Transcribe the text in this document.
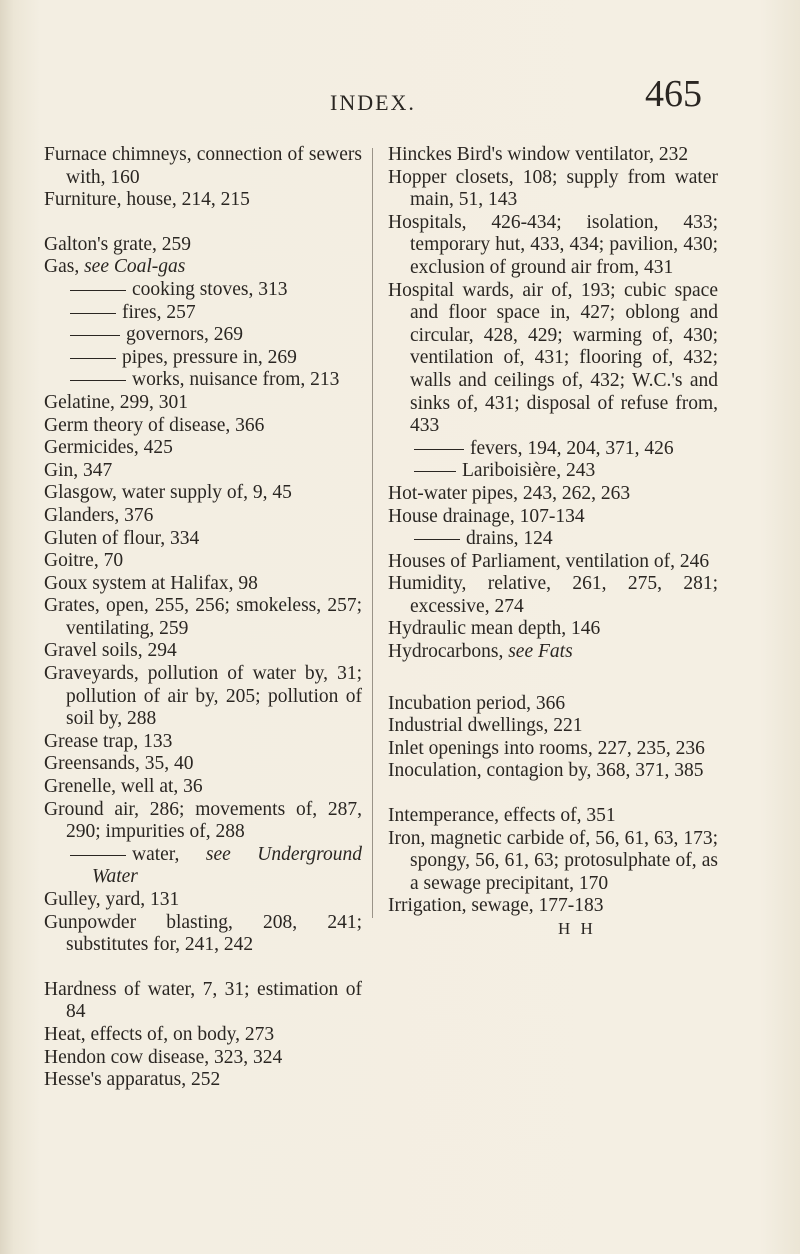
INDEX.	465
Furnace chimneys, connection of sewers with, 160
Furniture, house, 214, 215
Galton's grate, 259
Gas, see Coal-gas
cooking stoves, 313
fires, 257
governors, 269
pipes, pressure in, 269
works, nuisance from, 213
Gelatine, 299, 301
Germ theory of disease, 366
Germicides, 425
Gin, 347
Glasgow, water supply of, 9, 45
Glanders, 376
Gluten of flour, 334
Goitre, 70
Goux system at Halifax, 98
Grates, open, 255, 256; smokeless, 257; ventilating, 259
Gravel soils, 294
Graveyards, pollution of water by, 31; pollution of air by, 205; pollution of soil by, 288
Grease trap, 133
Greensands, 35, 40
Grenelle, well at, 36
Ground air, 286; movements of, 287, 290; impurities of, 288
water, see Underground Water
Gulley, yard, 131
Gunpowder blasting, 208, 241; substitutes for, 241, 242
Hardness of water, 7, 31; estimation of 84
Heat, effects of, on body, 273
Hendon cow disease, 323, 324
Hesse's apparatus, 252
Hinckes Bird's window ventilator, 232
Hopper closets, 108; supply from water main, 51, 143
Hospitals, 426-434; isolation, 433; temporary hut, 433, 434; pavilion, 430; exclusion of ground air from, 431
Hospital wards, air of, 193; cubic space and floor space in, 427; oblong and circular, 428, 429; warming of, 430; ventilation of, 431; flooring of, 432; walls and ceilings of, 432; W.C.'s and sinks of, 431; disposal of refuse from, 433
fevers, 194, 204, 371, 426
Lariboisière, 243
Hot-water pipes, 243, 262, 263
House drainage, 107-134
drains, 124
Houses of Parliament, ventilation of, 246
Humidity, relative, 261, 275, 281; excessive, 274
Hydraulic mean depth, 146
Hydrocarbons, see Fats
Incubation period, 366
Industrial dwellings, 221
Inlet openings into rooms, 227, 235, 236
Inoculation, contagion by, 368, 371, 385
Intemperance, effects of, 351
Iron, magnetic carbide of, 56, 61, 63, 173; spongy, 56, 61, 63; protosulphate of, as a sewage precipitant, 170
Irrigation, sewage, 177-183
H H
